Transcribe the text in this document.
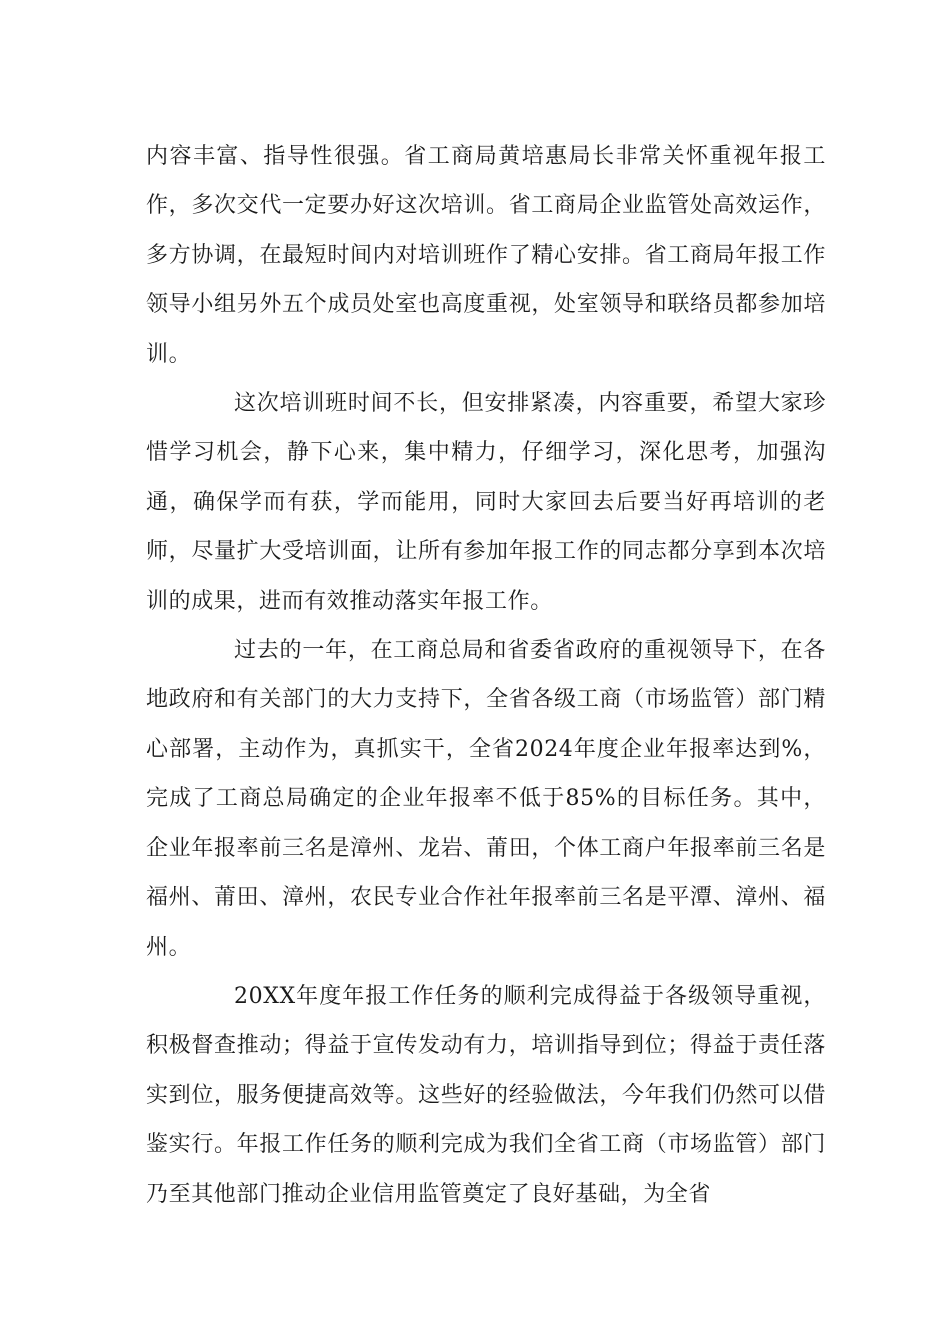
内容丰富、指导性很强。省工商局黄培惠局长非常关怀重视年报工作，多次交代一定要办好这次培训。省工商局企业监管处高效运作，多方协调，在最短时间内对培训班作了精心安排。省工商局年报工作领导小组另外五个成员处室也高度重视，处室领导和联络员都参加培训。

这次培训班时间不长，但安排紧凑，内容重要，希望大家珍惜学习机会，静下心来，集中精力，仔细学习，深化思考，加强沟通，确保学而有获，学而能用，同时大家回去后要当好再培训的老师，尽量扩大受培训面，让所有参加年报工作的同志都分享到本次培训的成果，进而有效推动落实年报工作。

过去的一年，在工商总局和省委省政府的重视领导下，在各地政府和有关部门的大力支持下，全省各级工商（市场监管）部门精心部署，主动作为，真抓实干，全省2024年度企业年报率达到%，完成了工商总局确定的企业年报率不低于85%的目标任务。其中，企业年报率前三名是漳州、龙岩、莆田，个体工商户年报率前三名是福州、莆田、漳州，农民专业合作社年报率前三名是平潭、漳州、福州。

20XX年度年报工作任务的顺利完成得益于各级领导重视，积极督查推动；得益于宣传发动有力，培训指导到位；得益于责任落实到位，服务便捷高效等。这些好的经验做法，今年我们仍然可以借鉴实行。年报工作任务的顺利完成为我们全省工商（市场监管）部门乃至其他部门推动企业信用监管奠定了良好基础，为全省
